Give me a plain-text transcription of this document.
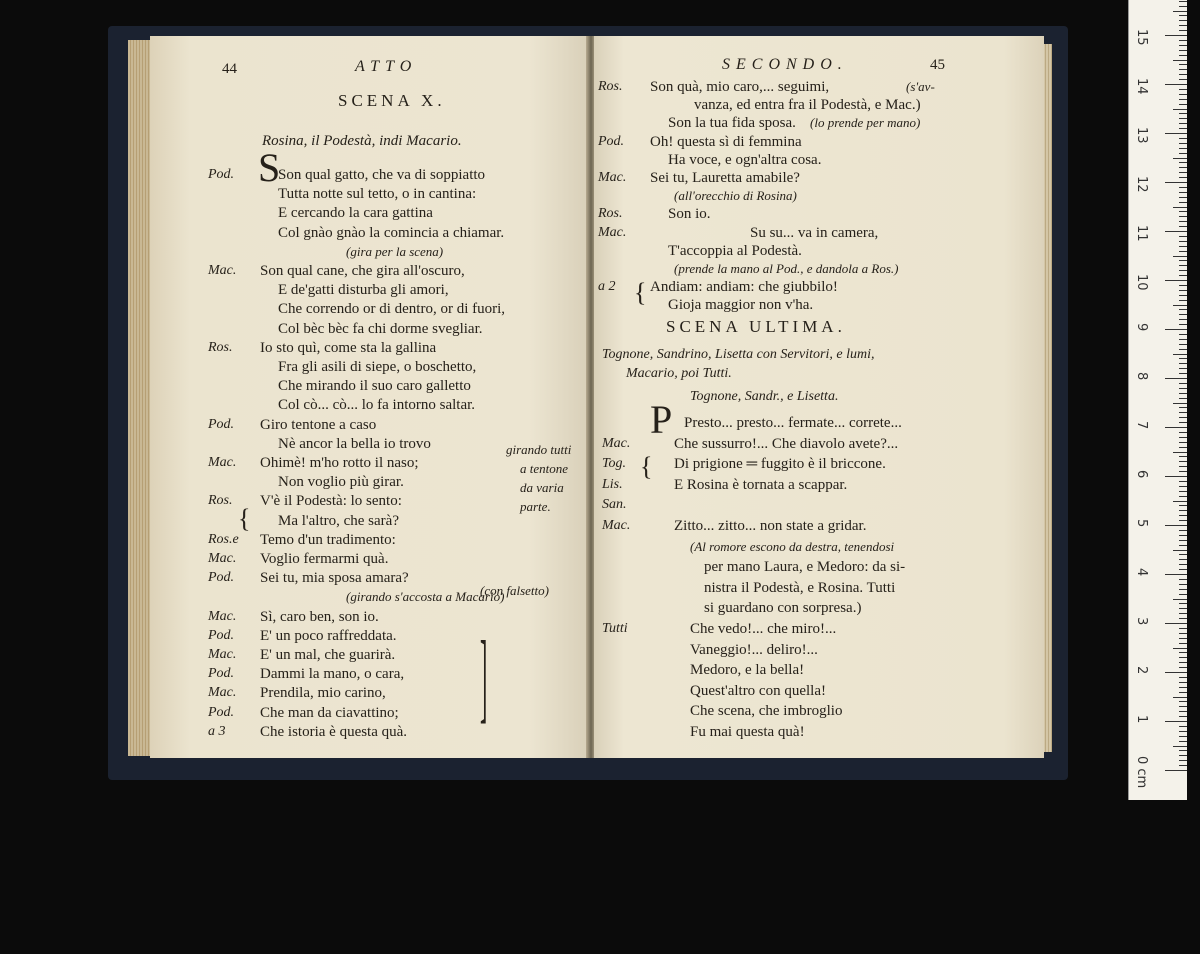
44	ATTO
SCENA X.
Rosina, il Podestà, indi Macario.
S
Pod.	Son qual gatto, che va di soppiatto
Tutta notte sul tetto, o in cantina:
E cercando la cara gattina
Col gnào gnào la comincia a chiamar.
(gira per la scena)
Mac. Son qual cane, che gira all'oscuro,
E de'gatti disturba gli amori,
Che correndo or di dentro, or di fuori,
Col bèc bèc fa chi dorme svegliar.
Ros. Io sto quì, come sta la gallina
Fra gli asili di siepe, o boschetto,
Che mirando il suo caro galletto
Col cò... cò... lo fa intorno saltar.
Pod. Giro tentone a caso
Nè ancor la bella io trovo
Mac. Ohimè! m'ho rotto il naso;
Non voglio più girar.
Ros. V'è il Podestà: lo sento:
Ma l'altro, che sarà?
Ros.e Temo d'un tradimento:
Mac. Voglio fermarmi quà.
Pod. Sei tu, mia sposa amara?
(girando s'accosta a Macario)
Mac. Sì, caro ben, son io.
Pod. E' un poco raffreddata.
Mac. E' un mal, che guarirà.
Pod. Dammi la mano, o cara,
Mac. Prendila, mio carino,
Pod. Che man da ciavattino;
a 3 Che istoria è questa quà.	]
girando tutti
a tentone
da varia
parte.
(con falsetto)
{
SECONDO.	45
(s'av-
(lo prende per mano)
Ros. Son quà, mio caro,... seguimi,
vanza, ed entra fra il Podestà, e Mac.)
Son la tua fida sposa.
Pod. Oh! questa sì di femmina
Ha voce, e ogn'altra cosa.
Mac. Sei tu, Lauretta amabile?
(all'orecchio di Rosina)
Ros.	Son io.
Mac.	Su su... va in camera,
T'accoppia al Podestà.
(prende la mano al Pod., e dandola a Ros.)
a 2 Andiam: andiam: che giubbilo!
Gioja maggior non v'ha.
{
SCENA ULTIMA.
Tognone, Sandrino, Lisetta con Servitori, e lumi,
Macario, poi Tutti.
Tognone, Sandr., e Lisetta.
P Presto... presto... fermate... correte...
Mac.	Che sussurro!... Che diavolo avete?...
Tog.	Di prigione ═ fuggito è il briccone.
Lis.	E Rosina è tornata a scappar.
San.
Mac.	Zitto... zitto... non state a gridar.
(Al romore escono da destra, tenendosi
per mano Laura, e Medoro: da si-
nistra il Podestà, e Rosina. Tutti
si guardano con sorpresa.)
Tutti	Che vedo!... che miro!...
Vaneggio!... deliro!...
Medoro, e la bella!
Quest'altro con quella!
Che scena, che imbroglio
Fu mai questa quà!
{
1
2
3
4
5
6
7
8
9
10
11
12
13
14
15
0 cm
